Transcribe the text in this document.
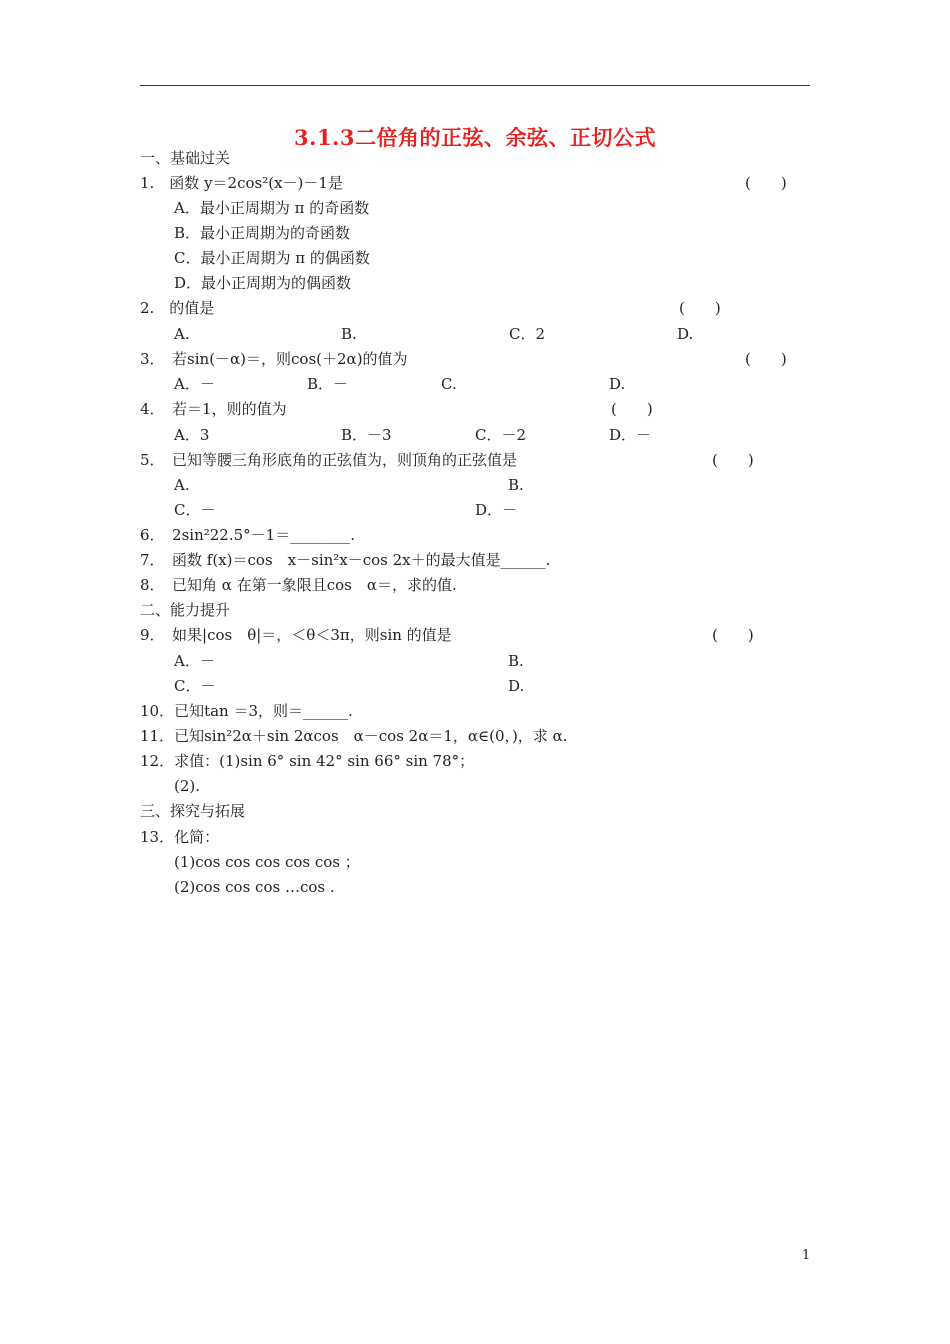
3.1.3二倍角的正弦、余弦、正切公式
一、基础过关
1.　函数 y＝2cos²(x－)－1是	(　　)
A．最小正周期为 π 的奇函数
B．最小正周期为的奇函数
C．最小正周期为 π 的偶函数
D．最小正周期为的偶函数
2.　的值是	(　　)
A.	B.	C．2	D.
3．　若sin(－α)＝，则cos(＋2α)的值为	(　　)
A．－	B．－	C.	D.
4．　若＝1，则的值为	(　　)
A．3	B．－3	C．－2	D．－
5．　已知等腰三角形底角的正弦值为，则顶角的正弦值是	(　　)
A.	B.
C．－	D．－
6．　2sin²22.5°－1＝________.
7．　函数 f(x)＝cos　x－sin²x－cos 2x＋的最大值是______.
8．　已知角 α 在第一象限且cos　α＝，求的值.
二、能力提升
9．　如果|cos　θ|＝，＜θ＜3π，则sin 的值是	(　　)
A．－	B.
C．－	D.
10．已知tan ＝3，则＝______.
11．已知sin²2α＋sin 2αcos　α－cos 2α＝1，α∈(0，)，求 α.
12．求值：(1)sin 6° sin 42° sin 66° sin 78°；
(2).
三、探究与拓展
13．化简：
(1)cos cos cos cos cos ；
(2)cos cos cos …cos .
1
